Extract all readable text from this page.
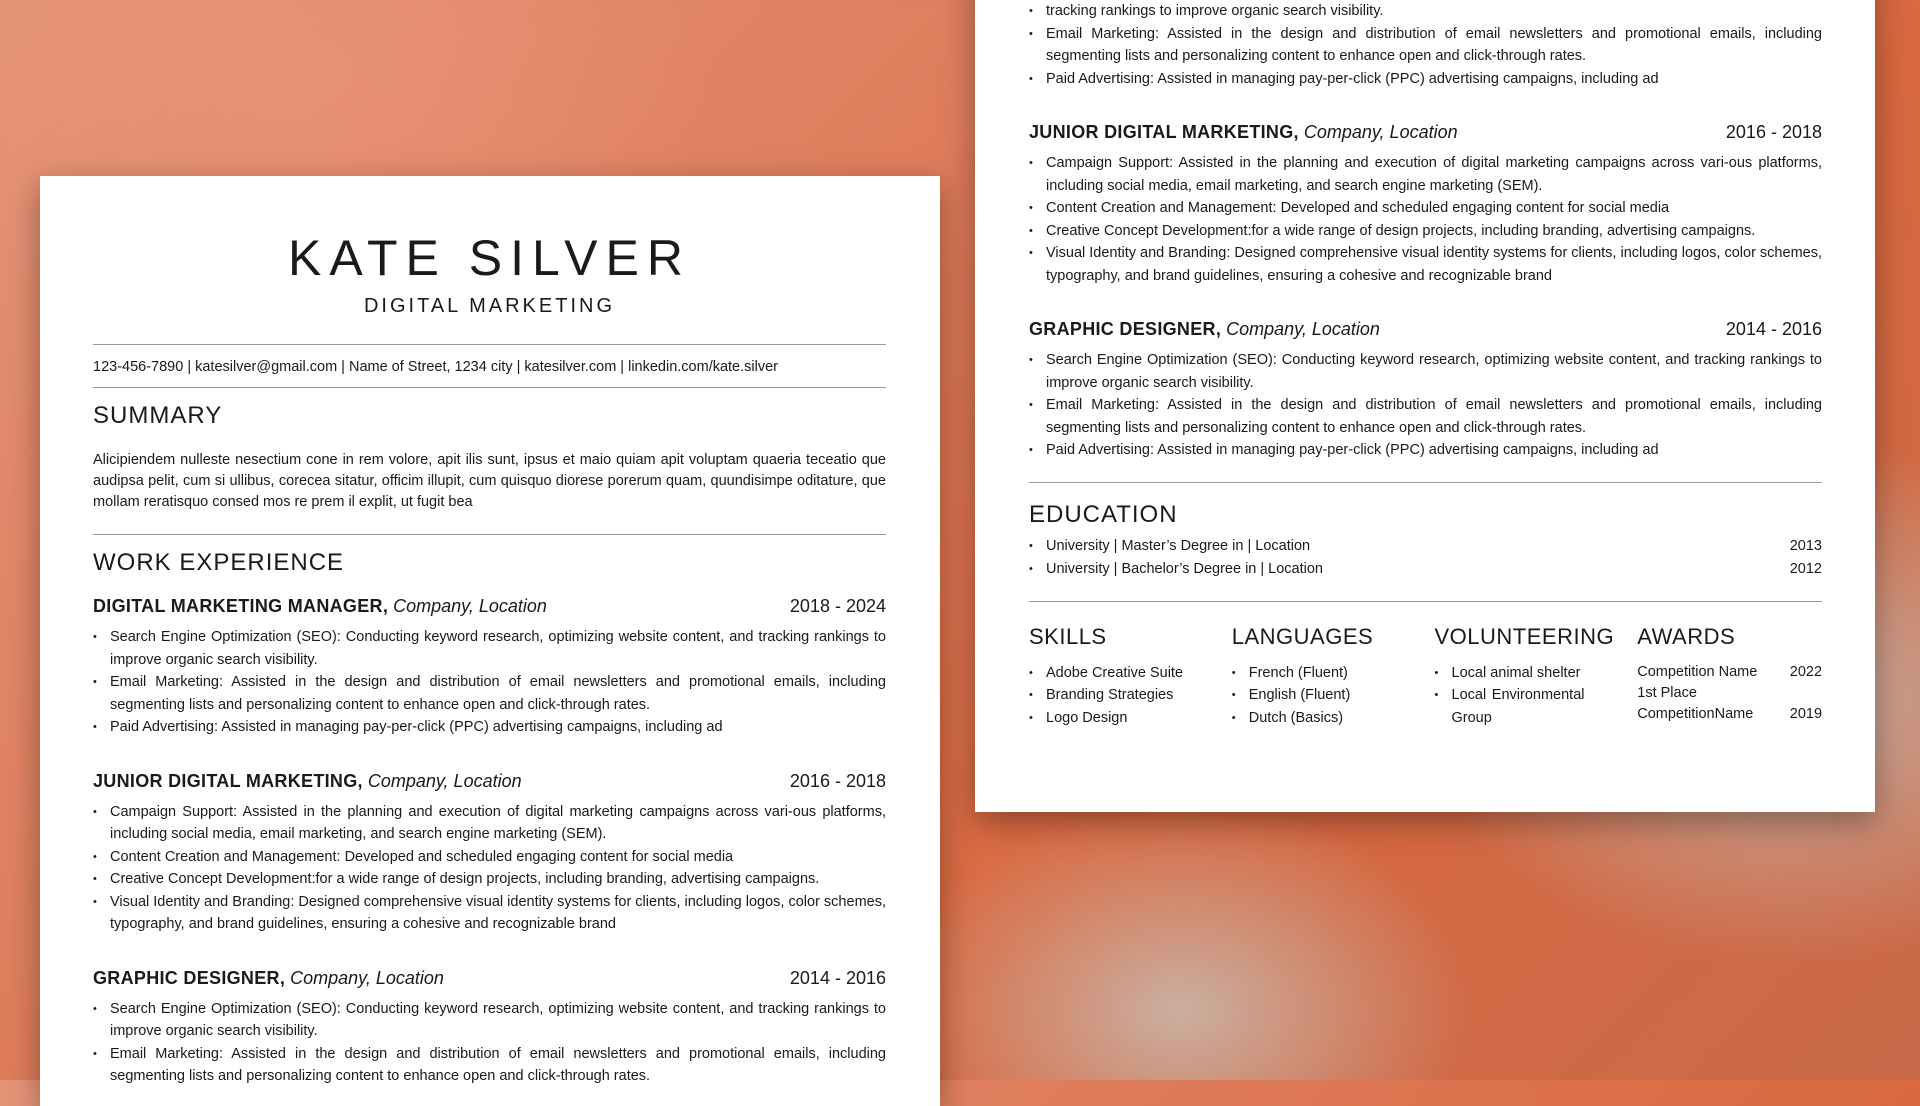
KATE SILVER
DIGITAL MARKETING
123-456-7890 | katesilver@gmail.com | Name of Street, 1234 city | katesilver.com | linkedin.com/kate.silver
SUMMARY

Alicipiendem nulleste nesectium cone in rem volore, apit ilis sunt, ipsus et maio quiam apit voluptam quaeria teceatio que audipsa pelit, cum si ullibus, corecea sitatur, officim illupit, cum quisquo diorese porerum quam, quundisimpe oditature, que mollam reratisquo consed mos re prem il explit, ut fugit bea

WORK EXPERIENCE
DIGITAL MARKETING MANAGER, Company, Location	2018 - 2024
• Search Engine Optimization (SEO): Conducting keyword research, optimizing website content, and tracking rankings to improve organic search visibility.
• Email Marketing: Assisted in the design and distribution of email newsletters and promotional emails, including segmenting lists and personalizing content to enhance open and click-through rates.
• Paid Advertising: Assisted in managing pay-per-click (PPC) advertising campaigns, including ad
JUNIOR DIGITAL MARKETING, Company, Location	2016 - 2018
• Campaign Support: Assisted in the planning and execution of digital marketing campaigns across vari-ous platforms, including social media, email marketing, and search engine marketing (SEM).
• Content Creation and Management: Developed and scheduled engaging content for social media
• Creative Concept Development:for a wide range of design projects, including branding, advertising campaigns.
• Visual Identity and Branding: Designed comprehensive visual identity systems for clients, including logos, color schemes, typography, and brand guidelines, ensuring a cohesive and recognizable brand
GRAPHIC DESIGNER, Company, Location	2014 - 2016
• Search Engine Optimization (SEO): Conducting keyword research, optimizing website content, and tracking rankings to improve organic search visibility.
• Email Marketing: Assisted in the design and distribution of email newsletters and promotional emails, including segmenting lists and personalizing content to enhance open and click-through rates.
• tracking rankings to improve organic search visibility.
• Email Marketing: Assisted in the design and distribution of email newsletters and promotional emails, including segmenting lists and personalizing content to enhance open and click-through rates.
• Paid Advertising: Assisted in managing pay-per-click (PPC) advertising campaigns, including ad
JUNIOR DIGITAL MARKETING, Company, Location	2016 - 2018
• Campaign Support: Assisted in the planning and execution of digital marketing campaigns across vari-ous platforms, including social media, email marketing, and search engine marketing (SEM).
• Content Creation and Management: Developed and scheduled engaging content for social media
• Creative Concept Development:for a wide range of design projects, including branding, advertising campaigns.
• Visual Identity and Branding: Designed comprehensive visual identity systems for clients, including logos, color schemes, typography, and brand guidelines, ensuring a cohesive and recognizable brand
GRAPHIC DESIGNER, Company, Location	2014 - 2016
• Search Engine Optimization (SEO): Conducting keyword research, optimizing website content, and tracking rankings to improve organic search visibility.
• Email Marketing: Assisted in the design and distribution of email newsletters and promotional emails, including segmenting lists and personalizing content to enhance open and click-through rates.
• Paid Advertising: Assisted in managing pay-per-click (PPC) advertising campaigns, including ad
EDUCATION
• University | Master’s Degree in | Location	2013
• University | Bachelor’s Degree in | Location	2012
SKILLS
• Adobe Creative Suite
• Branding Strategies
• Logo Design
LANGUAGES
• French (Fluent)
• English (Fluent)
• Dutch (Basics)
VOLUNTEERING
• Local animal shelter
• Local Environmental Group
AWARDS
Competition Name 2022
1st Place
CompetitionName	2019
